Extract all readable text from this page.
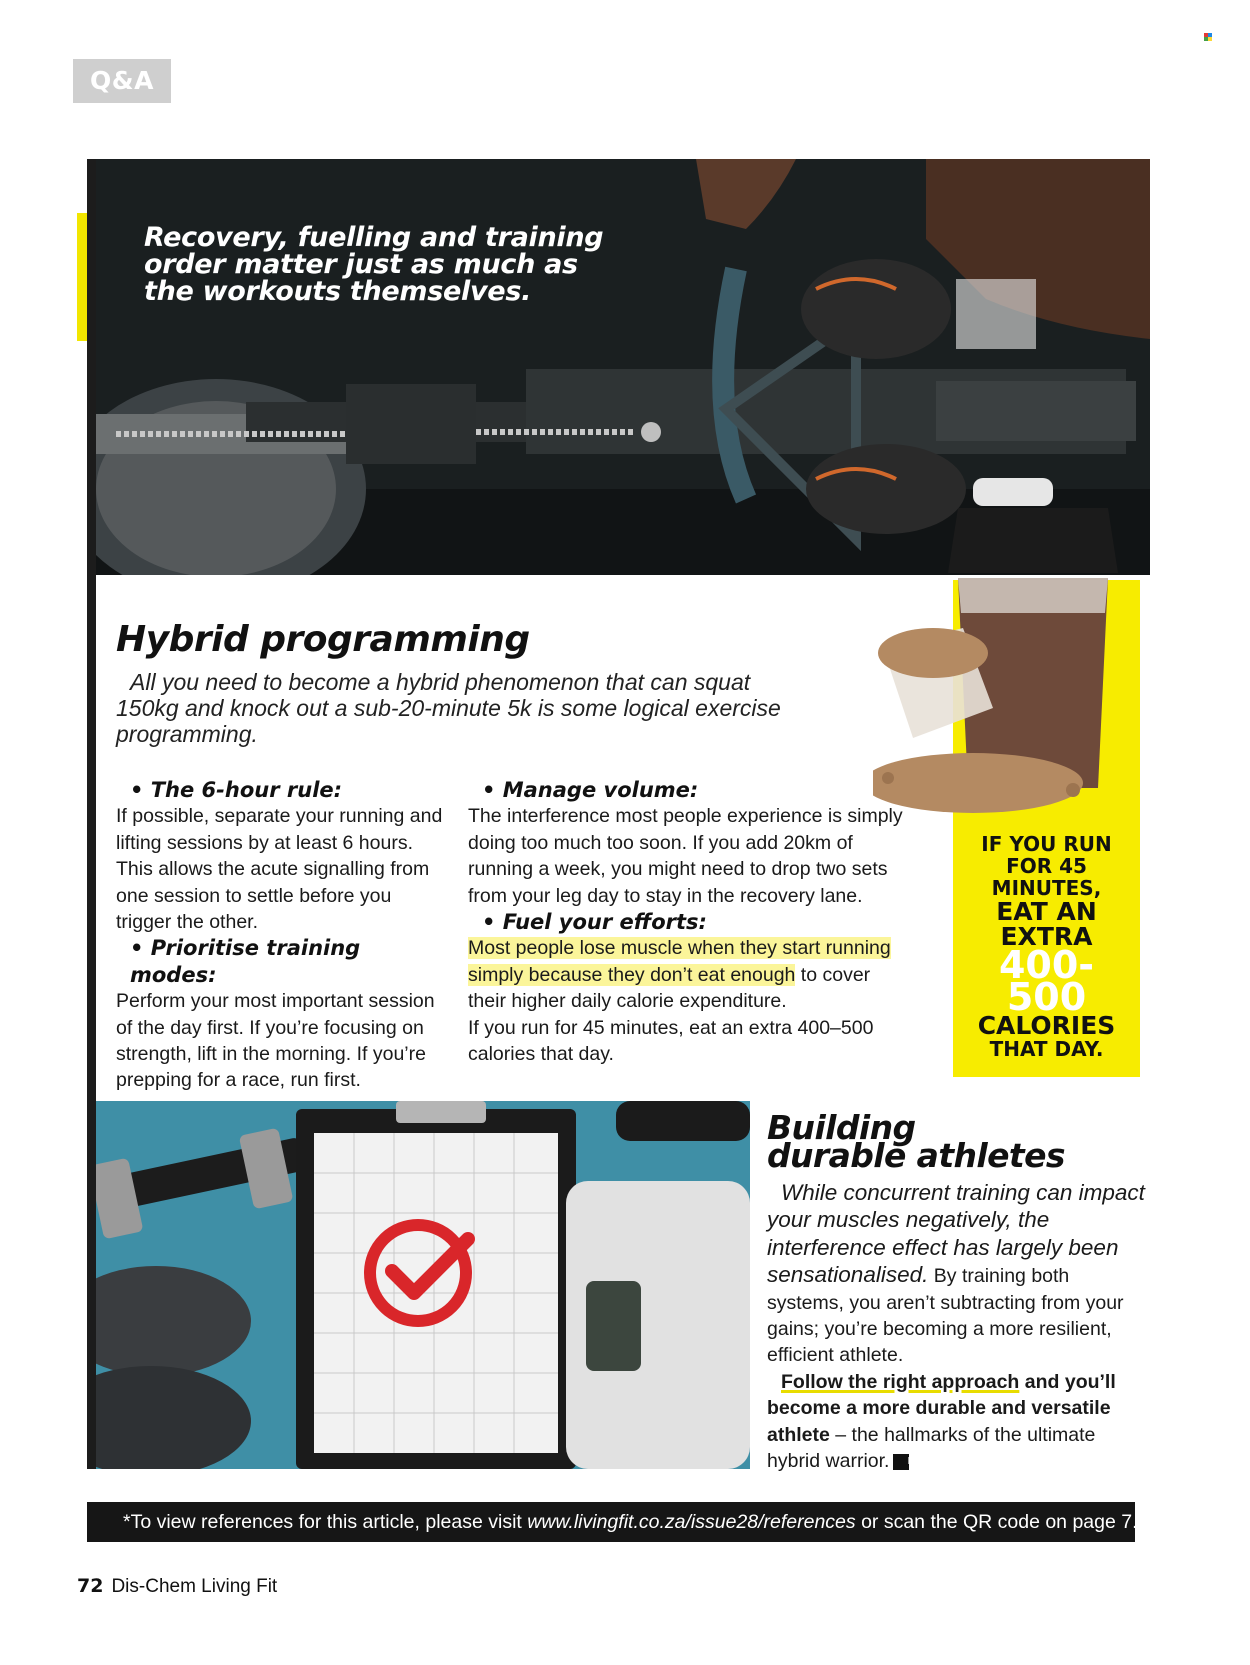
Q&A
Recovery, fuelling and training order matter just as much as the workouts themselves.
IF YOU RUN
FOR 45
MINUTES,
EAT AN
EXTRA
400-
500
CALORIES
THAT DAY.
Hybrid programming
All you need to become a hybrid phenomenon that can squat 150kg and knock out a sub-20-minute 5k is some logical exercise programming.
• The 6-hour rule:

If possible, separate your running and lifting sessions by at least 6 hours. This allows the acute signalling from one session to settle before you trigger the other.

• Prioritise training modes:

Perform your most important session of the day first. If you’re focusing on strength, lift in the morning. If you’re prepping for a race, run first.

• Manage volume:

The interference most people experience is simply doing too much too soon. If you add 20km of running a week, you might need to drop two sets from your leg day to stay in the recovery lane.

• Fuel your efforts:

Most people lose muscle when they start running simply because they don’t eat enough to cover their higher daily calorie expenditure.

If you run for 45 minutes, eat an extra 400–500 calories that day.

Building
durable athletes

While concurrent training can impact your muscles negatively, the interference effect has largely been sensationalised. By training both systems, you aren’t subtracting from your gains; you’re becoming a more resilient, efficient athlete.

Follow the right approach and you’ll become a more durable and versatile athlete – the hallmarks of the ultimate hybrid warrior. LF

*To view references for this article, please visit www.livingfit.co.za/issue28/references or scan the QR code on page 7.
72 Dis-Chem Living Fit
